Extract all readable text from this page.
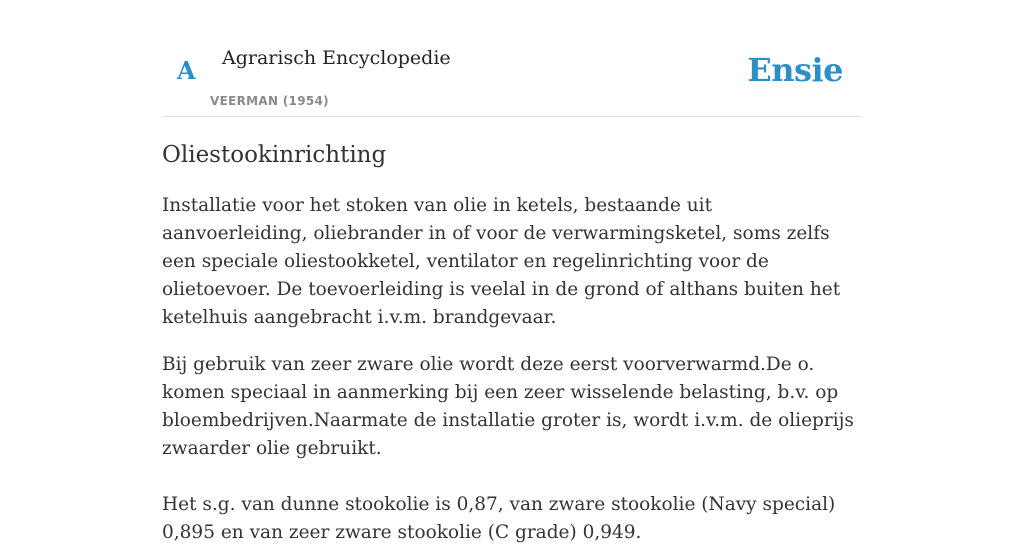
A Agrarisch Encyclopedie
VEERMAN (1954)
Ensie
Oliestookinrichting

Installatie voor het stoken van olie in ketels, bestaande uit aanvoerleiding, oliebrander in of voor de verwarmingsketel, soms zelfs een speciale oliestookketel, ventilator en regelinrichting voor de olietoevoer. De toevoerleiding is veelal in de grond of althans buiten het ketelhuis aangebracht i.v.m. brandgevaar.

Bij gebruik van zeer zware olie wordt deze eerst voorverwarmd.De o. komen speciaal in aanmerking bij een zeer wisselende belasting, b.v. op bloembedrijven.Naarmate de installatie groter is, wordt i.v.m. de olieprijs zwaarder olie gebruikt.

Het s.g. van dunne stookolie is 0,87, van zware stookolie (Navy special) 0,895 en van zeer zware stookolie (C grade) 0,949.
